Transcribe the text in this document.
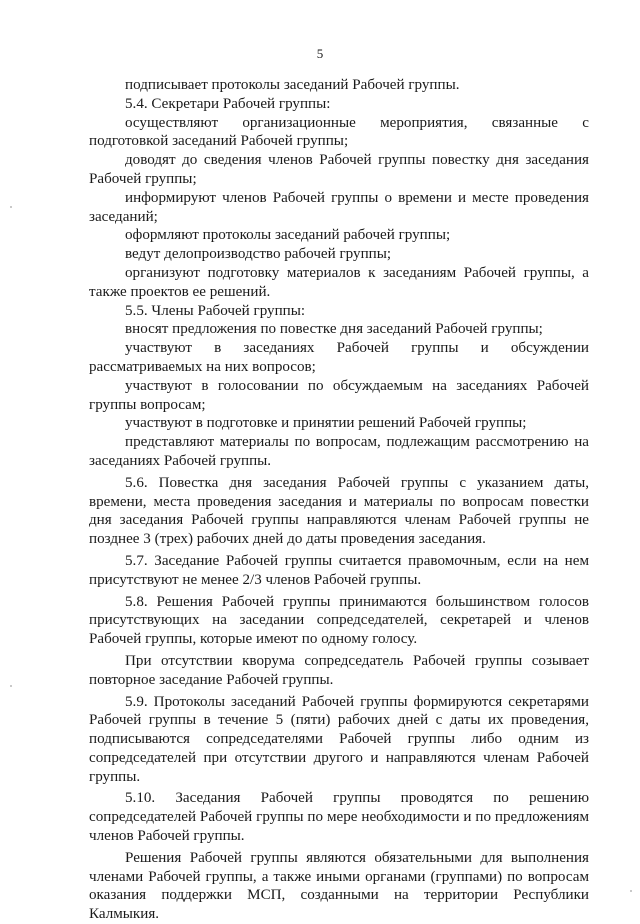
5

подписывает протоколы заседаний Рабочей группы.

5.4. Секретари Рабочей группы:

осуществляют организационные мероприятия, связанные с подготовкой заседаний Рабочей группы;

доводят до сведения членов Рабочей группы повестку дня заседания Рабочей группы;

информируют членов Рабочей группы о времени и месте проведения заседаний;

оформляют протоколы заседаний рабочей группы;

ведут делопроизводство рабочей группы;

организуют подготовку материалов к заседаниям Рабочей группы, а также проектов ее решений.

5.5. Члены Рабочей группы:

вносят предложения по повестке дня заседаний Рабочей группы;

участвуют в заседаниях Рабочей группы и обсуждении рассматриваемых на них вопросов;

участвуют в голосовании по обсуждаемым на заседаниях Рабочей группы вопросам;

участвуют в подготовке и принятии решений Рабочей группы;

представляют материалы по вопросам, подлежащим рассмотрению на заседаниях Рабочей группы.

5.6. Повестка дня заседания Рабочей группы с указанием даты, времени, места проведения заседания и материалы по вопросам повестки дня заседания Рабочей группы направляются членам Рабочей группы не позднее 3 (трех) рабочих дней до даты проведения заседания.

5.7. Заседание Рабочей группы считается правомочным, если на нем присутствуют не менее 2/3 членов Рабочей группы.

5.8. Решения Рабочей группы принимаются большинством голосов присутствующих на заседании сопредседателей, секретарей и членов Рабочей группы, которые имеют по одному голосу.

При отсутствии кворума сопредседатель Рабочей группы созывает повторное заседание Рабочей группы.

5.9. Протоколы заседаний Рабочей группы формируются секретарями Рабочей группы в течение 5 (пяти) рабочих дней с даты их проведения, подписываются сопредседателями Рабочей группы либо одним из сопредседателей при отсутствии другого и направляются членам Рабочей группы.

5.10. Заседания Рабочей группы проводятся по решению сопредседателей Рабочей группы по мере необходимости и по предложениям членов Рабочей группы.

Решения Рабочей группы являются обязательными для выполнения членами Рабочей группы, а также иными органами (группами) по вопросам оказания поддержки МСП, созданными на территории Республики Калмыкия.
